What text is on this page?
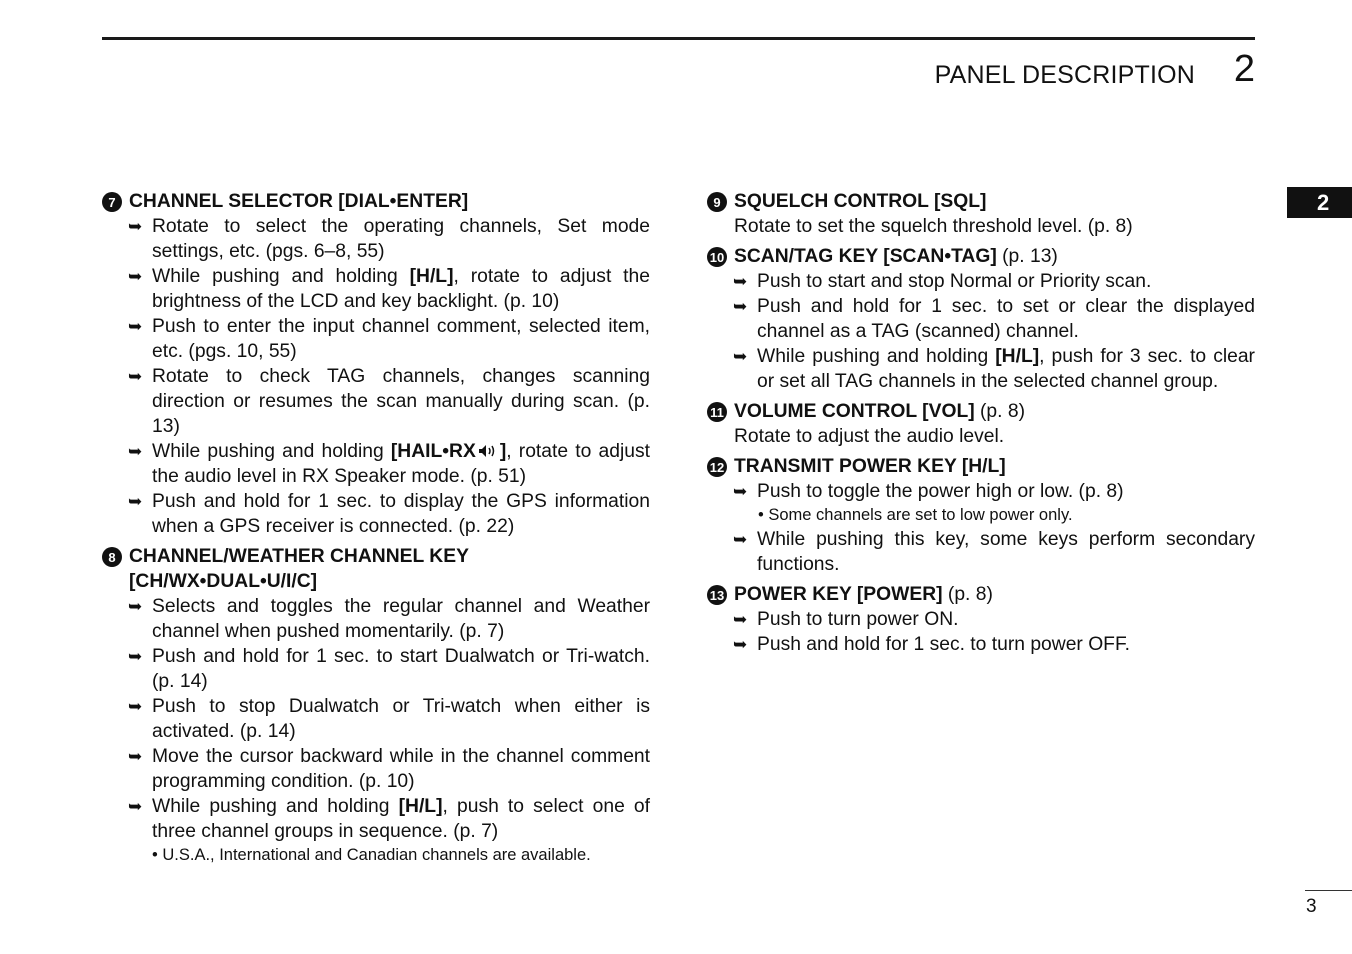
PANEL DESCRIPTION 2
2
7 CHANNEL SELECTOR [DIAL•ENTER]
➥ Rotate to select the operating channels, Set mode settings, etc. (pgs. 6–8, 55)
➥ While pushing and holding [H/L], rotate to adjust the brightness of the LCD and key backlight. (p. 10)
➥ Push to enter the input channel comment, selected item, etc. (pgs. 10, 55)
➥ Rotate to check TAG channels, changes scanning direction or resumes the scan manually during scan. (p. 13)
➥ While pushing and holding [HAIL•RX ], rotate to adjust the audio level in RX Speaker mode. (p. 51)
➥ Push and hold for 1 sec. to display the GPS information when a GPS receiver is connected. (p. 22)
8 CHANNEL/WEATHER CHANNEL KEY
[CH/WX•DUAL•U/I/C]
➥ Selects and toggles the regular channel and Weather channel when pushed momentarily. (p. 7)
➥ Push and hold for 1 sec. to start Dualwatch or Tri-watch. (p. 14)
➥ Push to stop Dualwatch or Tri-watch when either is activated. (p. 14)
➥ Move the cursor backward while in the channel comment programming condition. (p. 10)
➥ While pushing and holding [H/L], push to select one of three channel groups in sequence. (p. 7)
• U.S.A., International and Canadian channels are available.
9 SQUELCH CONTROL [SQL]
Rotate to set the squelch threshold level. (p. 8)
10 SCAN/TAG KEY [SCAN•TAG] (p. 13)
➥ Push to start and stop Normal or Priority scan.
➥ Push and hold for 1 sec. to set or clear the displayed channel as a TAG (scanned) channel.
➥ While pushing and holding [H/L], push for 3 sec. to clear or set all TAG channels in the selected channel group.
11 VOLUME CONTROL [VOL] (p. 8)
Rotate to adjust the audio level.
12 TRANSMIT POWER KEY [H/L]
➥ Push to toggle the power high or low. (p. 8)
• Some channels are set to low power only.
➥ While pushing this key, some keys perform secondary functions.
13 POWER KEY [POWER] (p. 8)
➥ Push to turn power ON.
➥ Push and hold for 1 sec. to turn power OFF.
3
